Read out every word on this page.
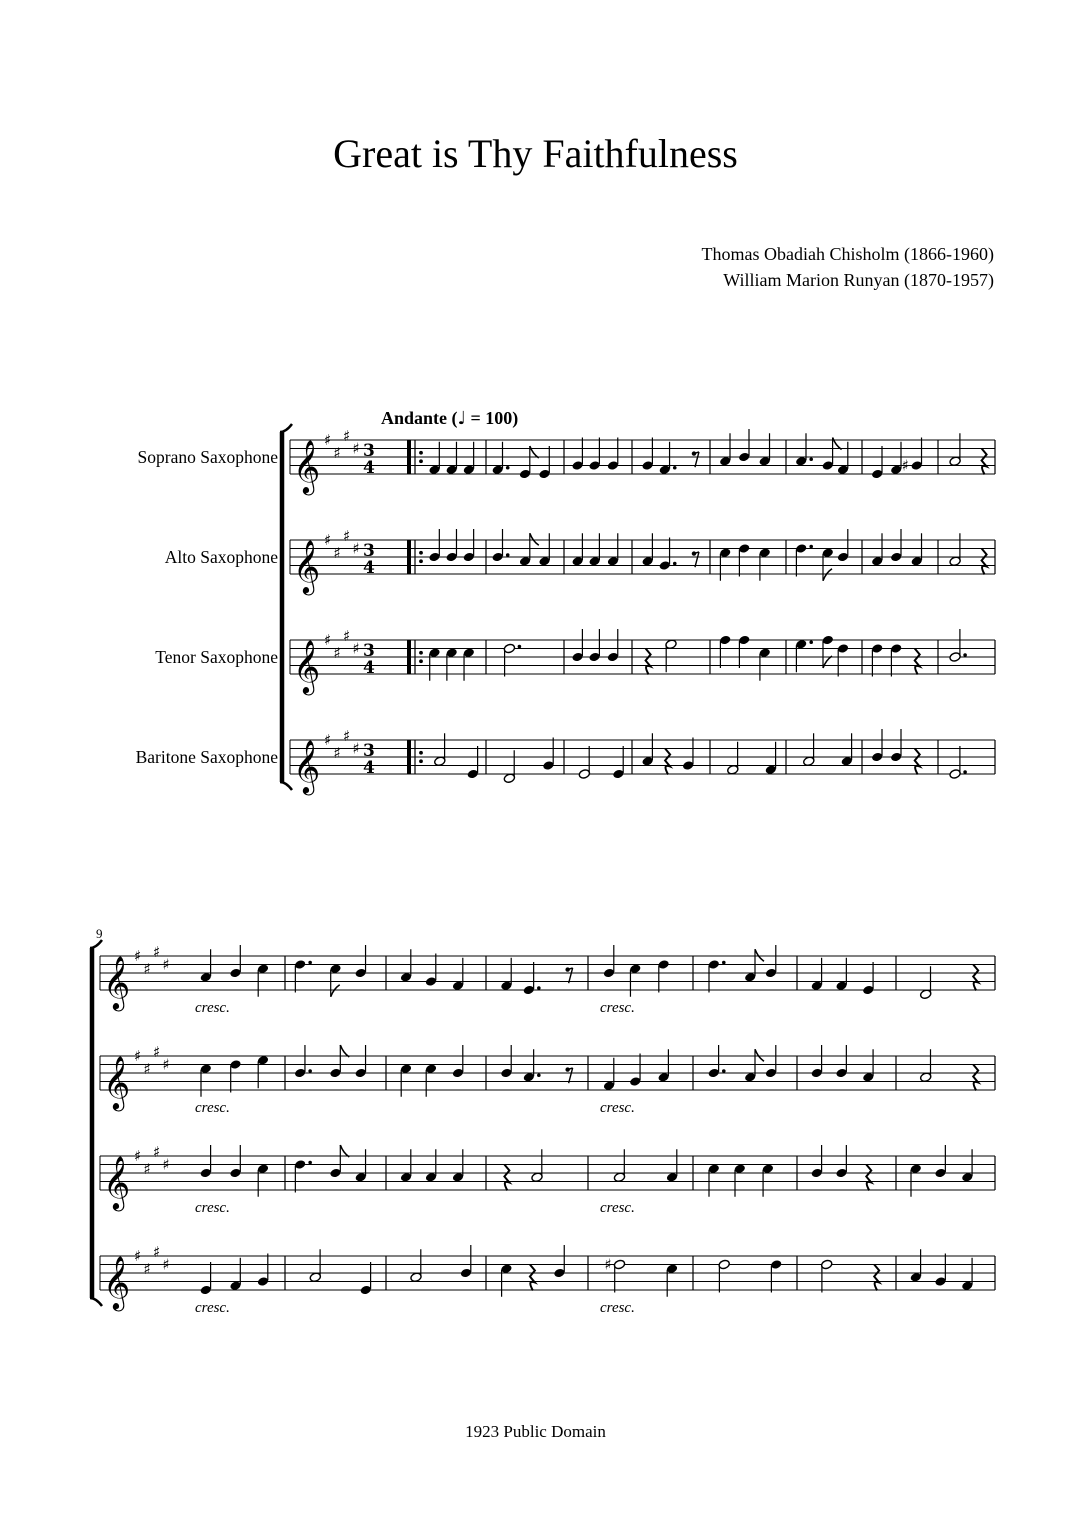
Great is Thy Faithfulness
Thomas Obadiah Chisholm (1866-1960)
William Marion Runyan (1870-1957)
Soprano Saxophone 𝄞 ♯
♯
♯
♯ 3
4
Alto Saxophone 𝄞 ♯
♯
♯
♯ 3
4
Tenor Saxophone 𝄞 ♯
♯
♯
♯ 3
4
Baritone Saxophone 𝄞 ♯
♯
♯
♯ 3
4
♯
𝄞 ♯
♯
♯
♯
𝄞 ♯
♯
♯
♯
𝄞 ♯
♯
♯
♯
𝄞 ♯
♯
♯
♯
9
♯
cresc.	cresc.
cresc.	cresc.
cresc.	cresc.
cresc.	cresc.
Andante (♩ = 100)
1923 Public Domain
